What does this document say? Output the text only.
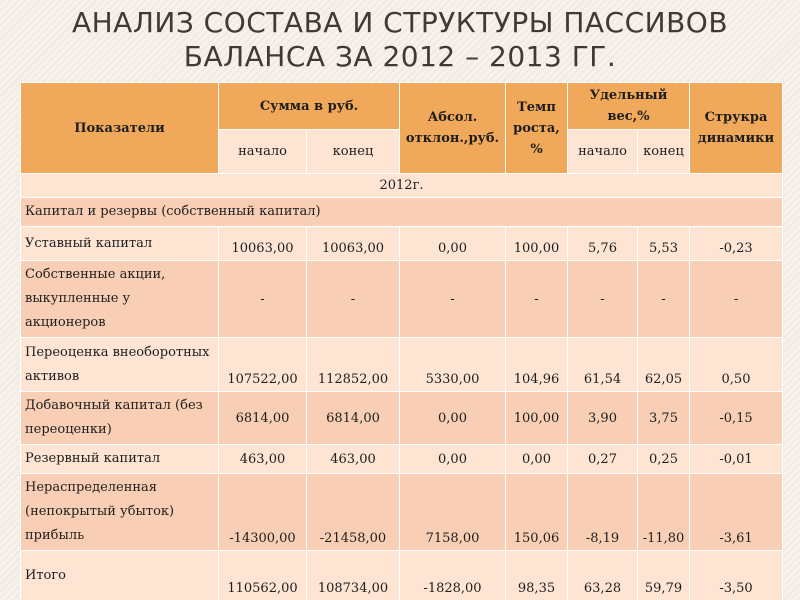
АНАЛИЗ СОСТАВА И СТРУКТУРЫ ПАССИВОВ
БАЛАНСА ЗА 2012 – 2013 ГГ.
Показатели	Сумма в руб.		Абсол. отклон.,руб.	Темп роста, %	Удельный вес,%		Струкра динамики
	начало	конец			начало	конец	
2012г.							
Капитал и резервы (собственный капитал)							
Уставный капитал	10063,00	10063,00	0,00	100,00	5,76	5,53	-0,23
Собственные акции, выкупленные у акционеров	-	-	-	-	-	-	-
Переоценка внеоборотных активов	107522,00	112852,00	5330,00	104,96	61,54	62,05	0,50
Добавочный капитал (без переоценки)	6814,00	6814,00	0,00	100,00	3,90	3,75	-0,15
Резервный капитал	463,00	463,00	0,00	0,00	0,27	0,25	-0,01
Нераспределенная (непокрытый убыток) прибыль	-14300,00	-21458,00	7158,00	150,06	-8,19	-11,80	-3,61
Итого	110562,00	108734,00	-1828,00	98,35	63,28	59,79	-3,50
